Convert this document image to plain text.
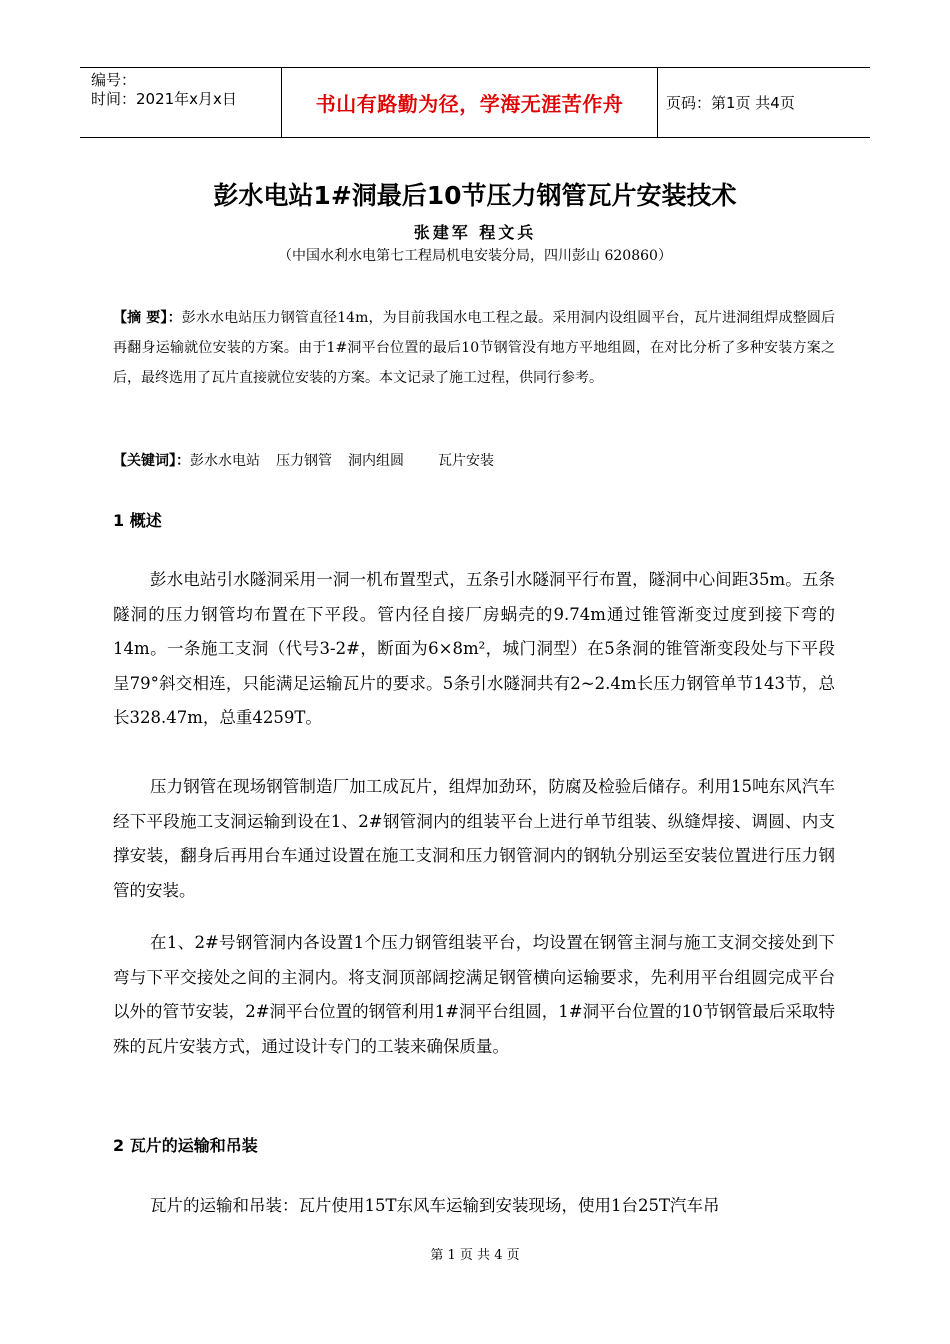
编号：
时间：2021年x月x日	书山有路勤为径，学海无涯苦作舟	页码：第1页 共4页
彭水电站1#洞最后10节压力钢管瓦片安装技术
张建军 程文兵
（中国水利水电第七工程局机电安装分局，四川彭山 620860）
【摘 要】：彭水水电站压力钢管直径14m，为目前我国水电工程之最。采用洞内设组圆平台，瓦片进洞组焊成整圆后再翻身运输就位安装的方案。由于1#洞平台位置的最后10节钢管没有地方平地组圆，在对比分析了多种安装方案之后，最终选用了瓦片直接就位安装的方案。本文记录了施工过程，供同行参考。
【关键词】：彭水水电站 压力钢管 洞内组圆 瓦片安装
1 概述

彭水电站引水隧洞采用一洞一机布置型式，五条引水隧洞平行布置，隧洞中心间距35m。五条隧洞的压力钢管均布置在下平段。管内径自接厂房蜗壳的9.74m通过锥管渐变过度到接下弯的14m。一条施工支洞（代号3-2#，断面为6×8m²，城门洞型）在5条洞的锥管渐变段处与下平段呈79°斜交相连，只能满足运输瓦片的要求。5条引水隧洞共有2~2.4m长压力钢管单节143节，总长328.47m，总重4259T。

压力钢管在现场钢管制造厂加工成瓦片，组焊加劲环，防腐及检验后储存。利用15吨东风汽车经下平段施工支洞运输到设在1、2#钢管洞内的组装平台上进行单节组装、纵缝焊接、调圆、内支撑安装，翻身后再用台车通过设置在施工支洞和压力钢管洞内的钢轨分别运至安装位置进行压力钢管的安装。

在1、2#号钢管洞内各设置1个压力钢管组装平台，均设置在钢管主洞与施工支洞交接处到下弯与下平交接处之间的主洞内。将支洞顶部阔挖满足钢管横向运输要求，先利用平台组圆完成平台以外的管节安装，2#洞平台位置的钢管利用1#洞平台组圆，1#洞平台位置的10节钢管最后采取特殊的瓦片安装方式，通过设计专门的工装来确保质量。

2 瓦片的运输和吊装

瓦片的运输和吊装：瓦片使用15T东风车运输到安装现场，使用1台25T汽车吊

第 1 页 共 4 页
